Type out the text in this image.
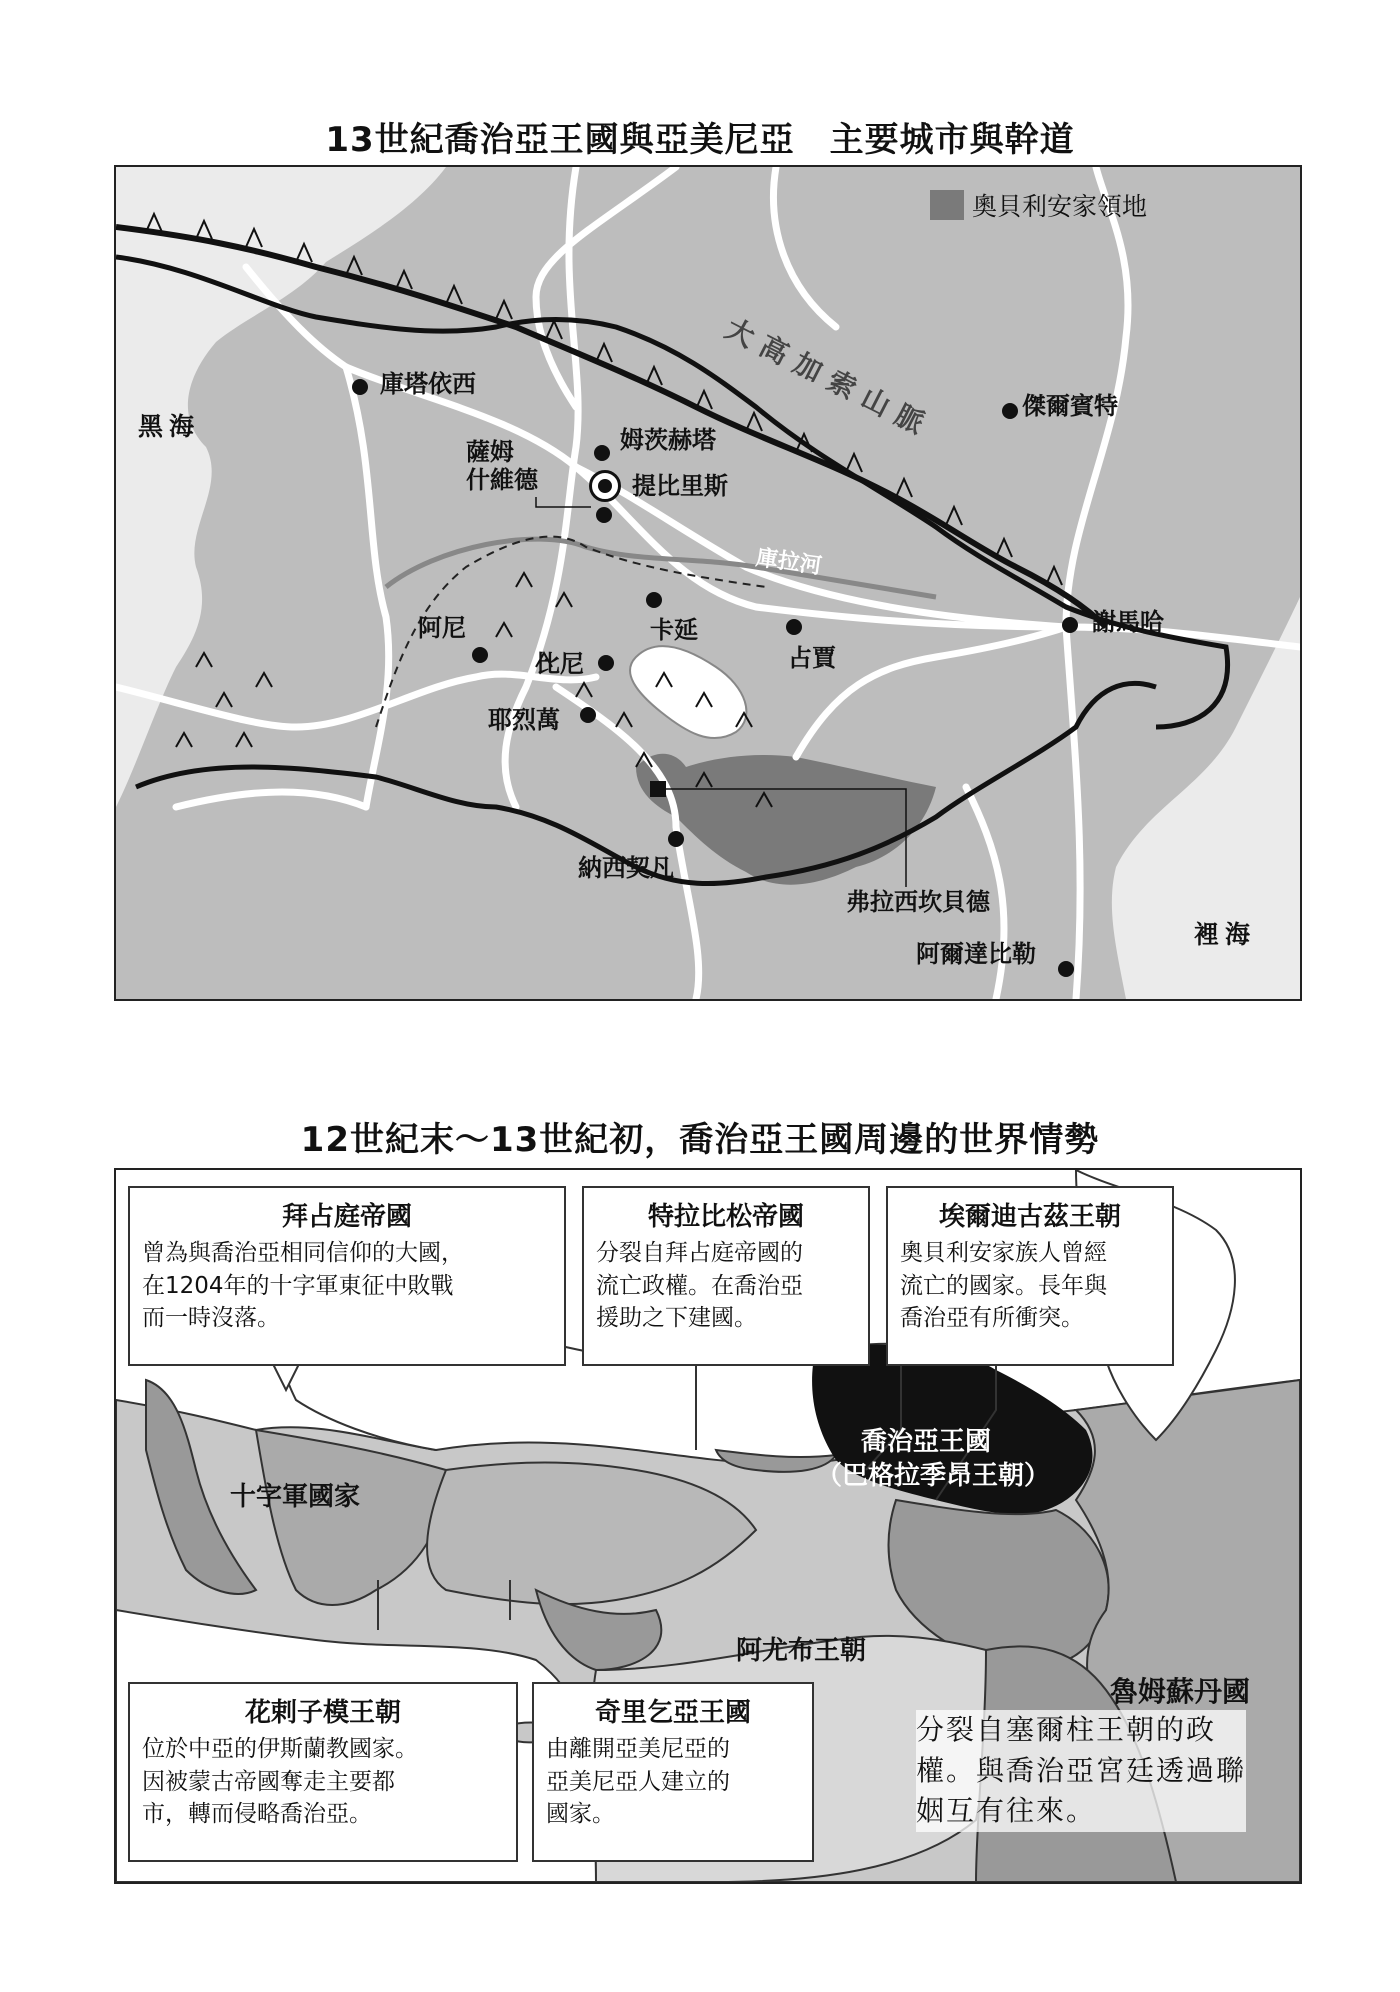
13世紀喬治亞王國與亞美尼亞　主要城市與幹道
奧貝利安家領地
大高加索山脈
庫拉河
黑海
裡海
庫塔依西
姆茨赫塔
提比里斯
薩姆
什維德
傑爾賓特
謝馬哈
卡延
占賈
阿尼
比尼
耶烈萬
弗拉西坎貝德
納西契凡
阿爾達比勒
12世紀末～13世紀初，喬治亞王國周邊的世界情勢
拜占庭帝國
曾為與喬治亞相同信仰的大國，
在1204年的十字軍東征中敗戰
而一時沒落。
特拉比松帝國
分裂自拜占庭帝國的
流亡政權。在喬治亞
援助之下建國。
埃爾迪古茲王朝
奧貝利安家族人曾經
流亡的國家。長年與
喬治亞有所衝突。
十字軍國家
喬治亞王國
（巴格拉季昂王朝）
阿尤布王朝
魯姆蘇丹國
分裂自塞爾柱王朝的政
權。與喬治亞宮廷透過聯
姻互有往來。
花剌子模王朝
位於中亞的伊斯蘭教國家。
因被蒙古帝國奪走主要都
市，轉而侵略喬治亞。
奇里乞亞王國
由離開亞美尼亞的
亞美尼亞人建立的
國家。
